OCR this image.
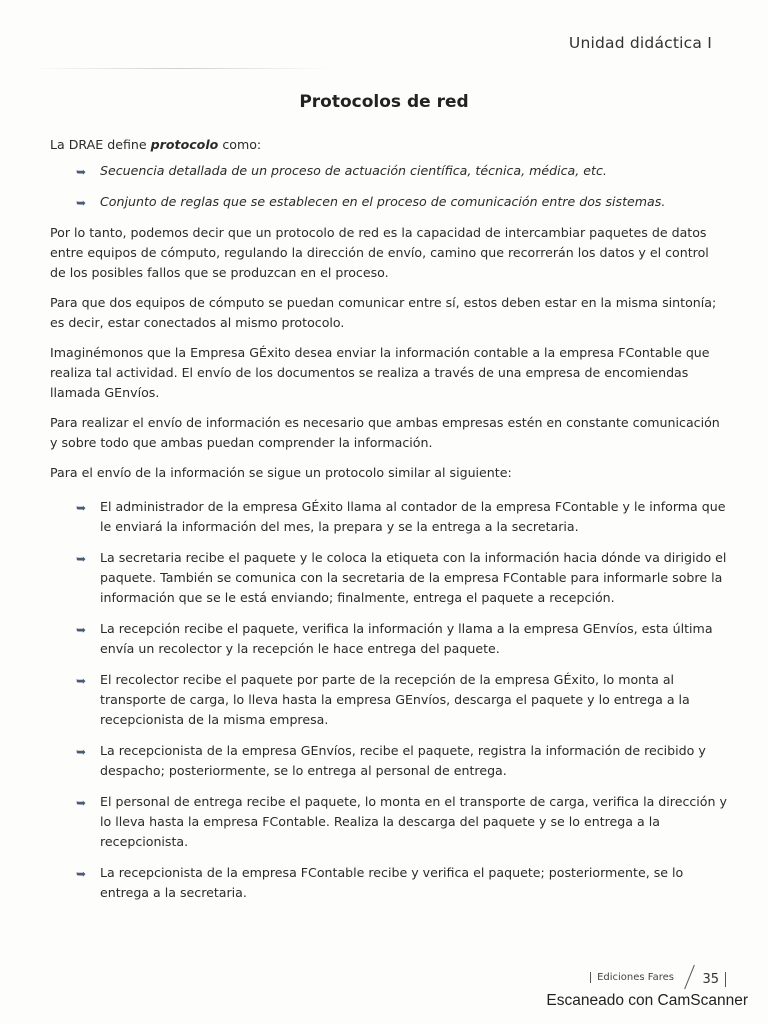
Unidad didáctica I
Protocolos de red

La DRAE define protocolo como:

➥ Secuencia detallada de un proceso de actuación científica, técnica, médica, etc.
➥ Conjunto de reglas que se establecen en el proceso de comunicación entre dos sistemas.

Por lo tanto, podemos decir que un protocolo de red es la capacidad de intercambiar paquetes de datos entre equipos de cómputo, regulando la dirección de envío, camino que recorrerán los datos y el control de los posibles fallos que se produzcan en el proceso.

Para que dos equipos de cómputo se puedan comunicar entre sí, estos deben estar en la misma sintonía; es decir, estar conectados al mismo protocolo.

Imaginémonos que la Empresa GÉxito desea enviar la información contable a la empresa FContable que realiza tal actividad. El envío de los documentos se realiza a través de una empresa de encomiendas llamada GEnvíos.

Para realizar el envío de información es necesario que ambas empresas estén en constante comunicación y sobre todo que ambas puedan comprender la información.

Para el envío de la información se sigue un protocolo similar al siguiente:

➥ El administrador de la empresa GÉxito llama al contador de la empresa FContable y le informa que le enviará la información del mes, la prepara y se la entrega a la secretaria.
➥ La secretaria recibe el paquete y le coloca la etiqueta con la información hacia dónde va dirigido el paquete. También se comunica con la secretaria de la empresa FContable para informarle sobre la información que se le está enviando; finalmente, entrega el paquete a recepción.
➥ La recepción recibe el paquete, verifica la información y llama a la empresa GEnvíos, esta última envía un recolector y la recepción le hace entrega del paquete.
➥ El recolector recibe el paquete por parte de la recepción de la empresa GÉxito, lo monta al transporte de carga, lo lleva hasta la empresa GEnvíos, descarga el paquete y lo entrega a la recepcionista de la misma empresa.
➥ La recepcionista de la empresa GEnvíos, recibe el paquete, registra la información de recibido y despacho; posteriormente, se lo entrega al personal de entrega.
➥ El personal de entrega recibe el paquete, lo monta en el transporte de carga, verifica la dirección y lo lleva hasta la empresa FContable. Realiza la descarga del paquete y se lo entrega a la recepcionista.
➥ La recepcionista de la empresa FContable recibe y verifica el paquete; posteriormente, se lo entrega a la secretaria.
Ediciones Fares 35
Escaneado con CamScanner
